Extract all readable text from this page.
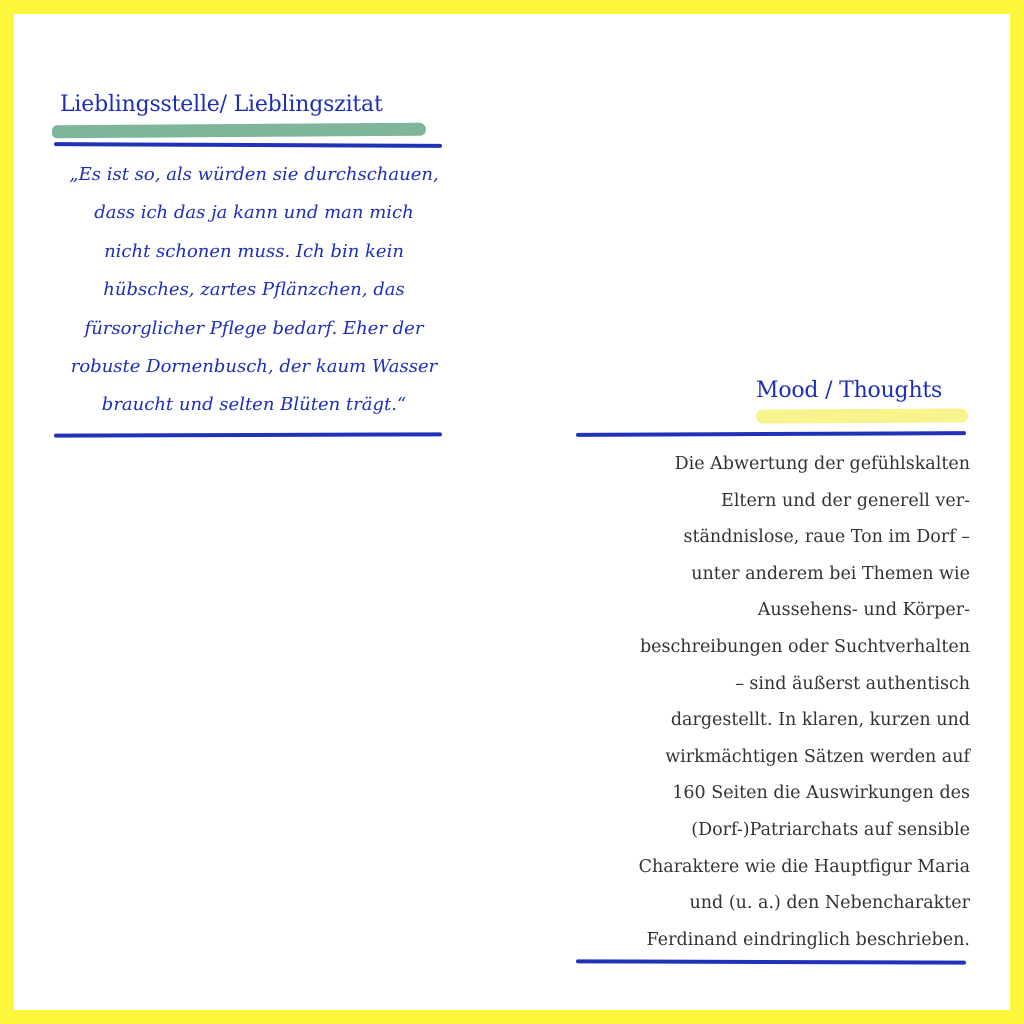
Lieblingsstelle/ Lieblingszitat

„Es ist so, als würden sie durchschauen,
dass ich das ja kann und man mich
nicht schonen muss. Ich bin kein
hübsches, zartes Pflänzchen, das
fürsorglicher Pflege bedarf. Eher der
robuste Dornenbusch, der kaum Wasser
braucht und selten Blüten trägt.“

Mood / Thoughts

Die Abwertung der gefühlskalten
Eltern und der generell ver-
ständnislose, raue Ton im Dorf –
unter anderem bei Themen wie
Aussehens- und Körper-
beschreibungen oder Suchtverhalten
– sind äußerst authentisch
dargestellt. In klaren, kurzen und
wirkmächtigen Sätzen werden auf
160 Seiten die Auswirkungen des
(Dorf-)Patriarchats auf sensible
Charaktere wie die Hauptfigur Maria
und (u. a.) den Nebencharakter
Ferdinand eindringlich beschrieben.
